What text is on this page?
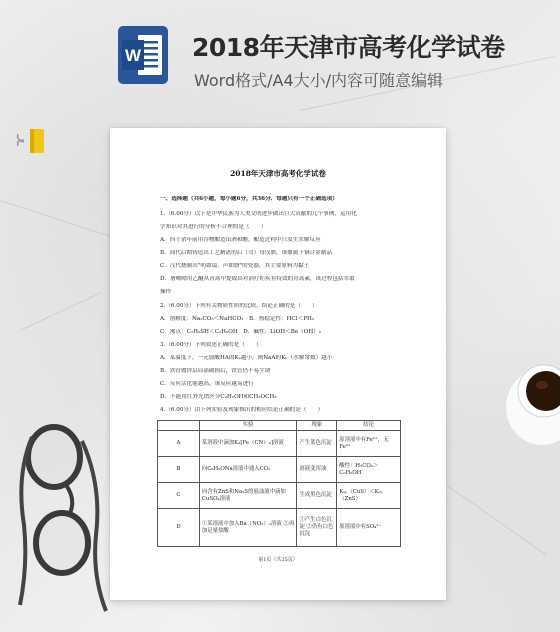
W 2018年天津市高考化学试卷
Word格式/A4大小/内容可随意编辑
2018年天津市高考化学试卷
一、选择题（共6小题，每小题6分，共36分．每题只有一个正确选项）
1.（6.00分）以下是中华民族为人类文明进步做出巨大贡献的几个事例，运用化
学知识对其进行的分析不合理的是（　　）
A．四千余年前用谷物酿造出酒和醋，酿造过程中只发生水解反应
B．商代后期铸造出工艺精湛的后（司）母戊鼎，该鼎属于铜合金制品
C．汉代烧制出"明如镜、声如磬"的瓷器，其主要原料为黏土
D．屠呦呦用乙醚从青蒿中提取出对治疗疟疾有特效的青蒿素，该过程包括萃取
操作
2.（6.00分）下列有关物质性质的比较，结论正确的是（　　）
A．溶解度：Na₂CO₃＜NaHCO₃　B．热稳定性：HCl＜PH₃
C．沸点：C₂H₅SH＜C₂H₅OH　D．碱性：LiOH＜Be（OH）₂
3.（6.00分）下列叙述正确的是（　　）
A．某温度下，一元弱酸HA的Kₐ越小，则NaA的Kₕ（水解常数）越小
B．铁管镀锌层局部破损后，铁管仍不易生锈
C．反应活化能越高，该反应越易进行
D．不能用红外光谱区分C₂H₅OH和CH₃OCH₃
4.（6.00分）由下列实验及现象推出的相应结论正确的是（　　）
	实验	现象	结论
A	某溶液中滴加K₃[Fe（CN）₆]溶液	产生蓝色沉淀	原溶液中有Fe²⁺，无Fe³⁺
B	向C₆H₅ONa溶液中通入CO₂	溶液变浑浊	酸性：H₂CO₃＞C₆H₅OH
C	向含有ZnS和Na₂S的悬浊液中滴加CuSO₄溶液	生成黑色沉淀	Kₛₚ（CuS）＜Kₛₚ（ZnS）
D	①某溶液中加入Ba（NO₃）₂溶液 ②再加足量盐酸	①产生白色沉淀 ②仍有白色沉淀	原溶液中有SO₄²⁻
第1页（共25页）
